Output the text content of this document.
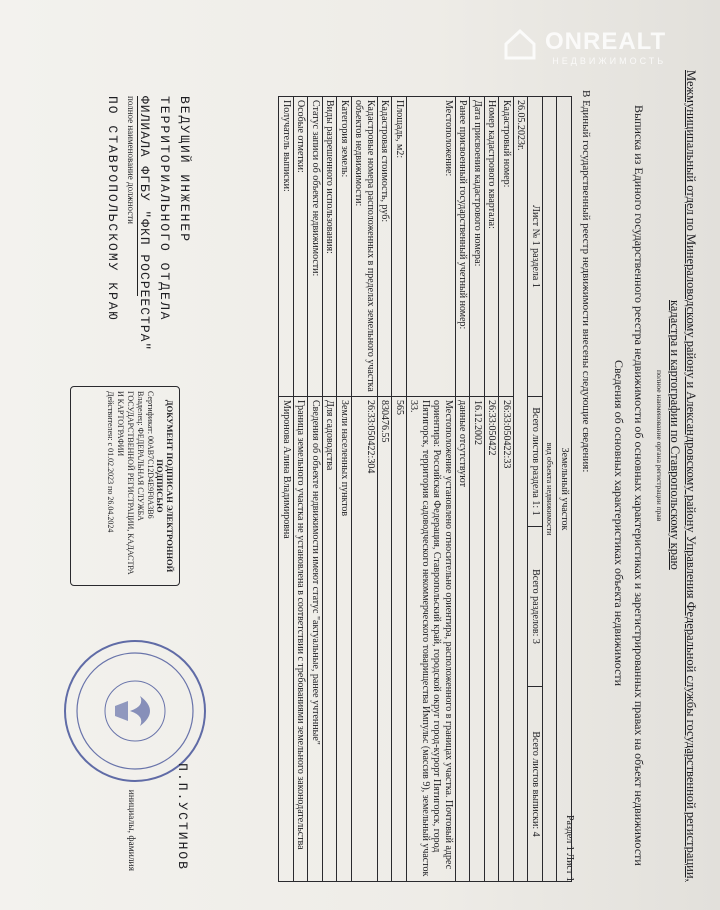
Межмуниципальный отдел по Минераловодскому району и Александровскому району Управления Федеральной службы государственной регистрации,
кадастра и картографии по Ставропольскому краю
полное наименование органа регистрации прав
Выписка из Единого государственного реестра недвижимости об основных характеристиках и зарегистрированных правах на объект недвижимости
Сведения об основных характеристиках объекта недвижимости
В Единый государственный реестр недвижимости внесены следующие сведения:
Раздел 1 Лист 1
Земельный участок			

вид объекта недвижимости			
Лист № 1 раздела 1	Всего листов раздела 1: 1	Всего разделов: 3	Всего листов выписки: 4
26.05.2023г.			
Кадастровый номер:	26:33:050422:33		
Номер кадастрового квартала:	26:33:050422		
Дата присвоения кадастрового номера:	16.12.2002		
Ранее присвоенный государственный учетный номер:	данные отсутствуют		
Местоположение:	Местоположение установлено относительно ориентира, расположенного в границах участка. Почтовый адрес ориентира: Российская Федерация, Ставропольский край, городской округ город-курорт Пятигорск, город Пятигорск, территория садоводческого некоммерческого товарищества Импульс (массив 9), земельный участок 33.		
Площадь, м2:	565		
Кадастровая стоимость, руб:	830476.55		
Кадастровые номера расположенных в пределах земельного участка объектов недвижимости:	26:33:050422:304		
Категория земель:	Земли населенных пунктов		
Виды разрешенного использования:	Для садоводства		
Статус записи об объекте недвижимости:	Сведения об объекте недвижимости имеют статус "актуальные, ранее учтенные"		
Особые отметки:	Граница земельного участка не установлена в соответствии с требованиями земельного законодательства		
Получатель выписки:	Миронова Алина Владимировна		
ВЕДУЩИЙ ИНЖЕНЕР
ТЕРРИТОРИАЛЬНОГО ОТДЕЛА
ФИЛИАЛА ФГБУ "ФКП РОСРЕЕСТРА"
полное наименование должности
ПО СТАВРОПОЛЬСКОМУ КРАЮ
ДОКУМЕНТ ПОДПИСАН ЭЛЕКТРОННОЙ ПОДПИСЬЮ
Сертификат: 00AB7C12D4E9F0A3B6
Владелец: ФЕДЕРАЛЬНАЯ СЛУЖБА ГОСУДАРСТВЕННОЙ РЕГИСТРАЦИИ, КАДАСТРА И КАРТОГРАФИИ
Действителен: с 01.02.2023 по 26.04.2024
П.П.УСТИНОВ
инициалы, фамилия
ONREALT
НЕДВИЖИМОСТЬ
